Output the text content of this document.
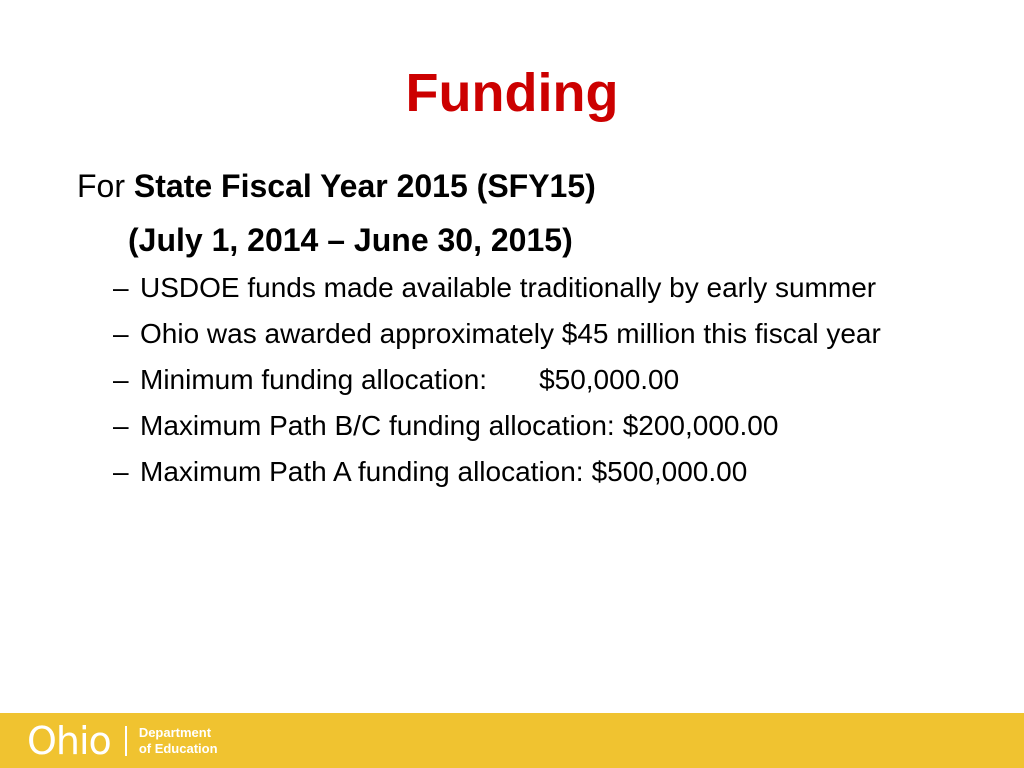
Funding
For State Fiscal Year 2015 (SFY15)
(July 1, 2014 – June 30, 2015)
– USDOE funds made available traditionally by early summer
– Ohio was awarded approximately $45 million this fiscal year
– Minimum funding allocation: $50,000.00
– Maximum Path B/C funding allocation: $200,000.00
– Maximum Path A funding allocation: $500,000.00
Ohio Department
of Education
